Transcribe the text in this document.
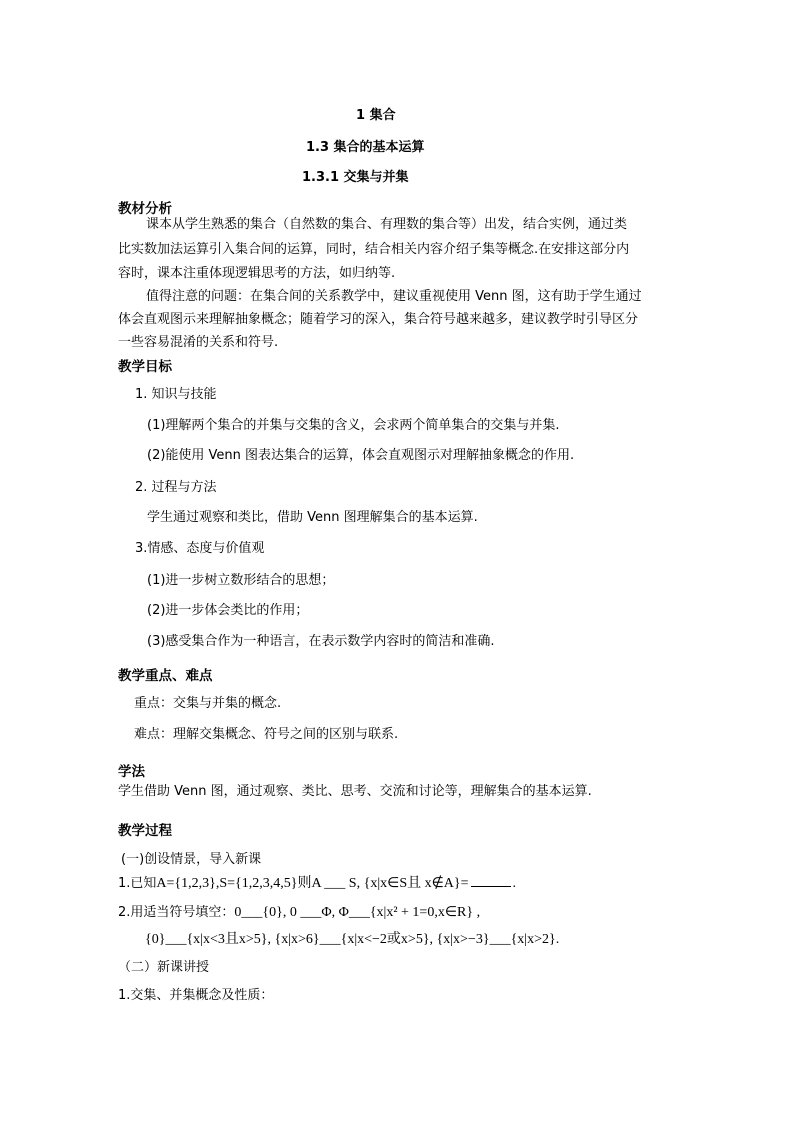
1 集合
1.3 集合的基本运算
1.3.1 交集与并集
教材分析
课本从学生熟悉的集合（自然数的集合、有理数的集合等）出发，结合实例，通过类
比实数加法运算引入集合间的运算，同时，结合相关内容介绍子集等概念.在安排这部分内
容时，课本注重体现逻辑思考的方法，如归纳等.
值得注意的问题：在集合间的关系教学中，建议重视使用 Venn 图，这有助于学生通过
体会直观图示来理解抽象概念；随着学习的深入，集合符号越来越多，建议教学时引导区分
一些容易混淆的关系和符号.
教学目标
1. 知识与技能
(1)理解两个集合的并集与交集的含义，会求两个简单集合的交集与并集.
(2)能使用 Venn 图表达集合的运算，体会直观图示对理解抽象概念的作用.
2. 过程与方法
学生通过观察和类比，借助 Venn 图理解集合的基本运算.
3.情感、态度与价值观
(1)进一步树立数形结合的思想；
(2)进一步体会类比的作用；
(3)感受集合作为一种语言，在表示数学内容时的简洁和准确.
教学重点、难点
重点：交集与并集的概念.
难点：理解交集概念、符号之间的区别与联系.
学法
学生借助 Venn 图，通过观察、类比、思考、交流和讨论等，理解集合的基本运算.
教学过程
(一)创设情景，导入新课
1.已知A={1,2,3},S={1,2,3,4,5}则A ___ S, {x|x∈S且 x∉A}=	.
2.用适当符号填空：0___{0}, 0 ___Φ, Φ___{x|x² + 1=0,x∈R} ,
{0}___{x|x<3且x>5}, {x|x>6}___{x|x<−2或x>5}, {x|x>−3}___{x|x>2}.
（二）新课讲授
1.交集、并集概念及性质：
